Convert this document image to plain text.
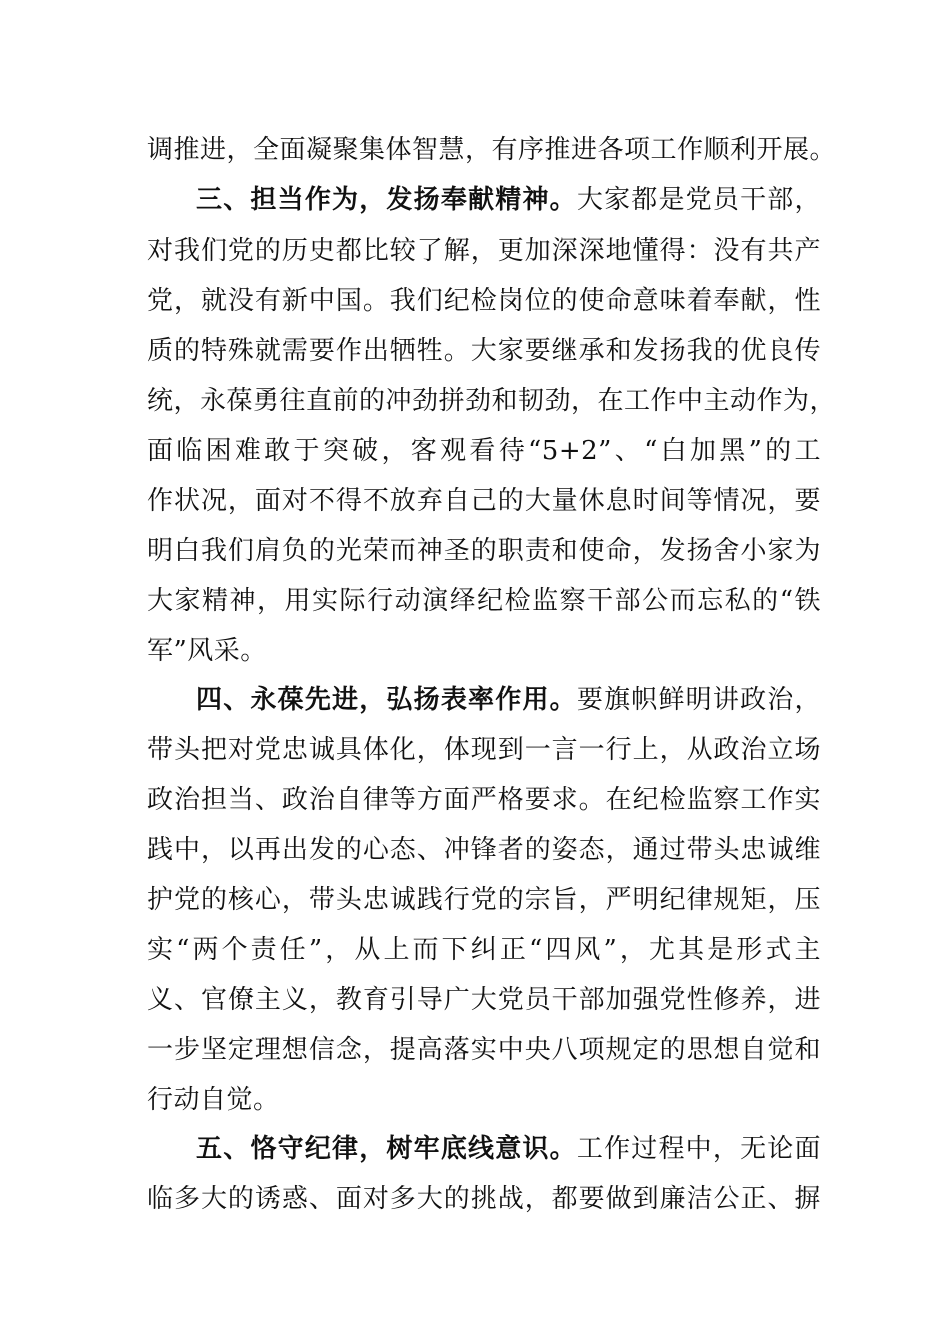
调推进，全面凝聚集体智慧，有序推进各项工作顺利开展。
三、担当作为，发扬奉献精神。大家都是党员干部，
对我们党的历史都比较了解，更加深深地懂得：没有共产
党，就没有新中国。我们纪检岗位的使命意味着奉献，性
质的特殊就需要作出牺牲。大家要继承和发扬我的优良传
统，永葆勇往直前的冲劲拼劲和韧劲，在工作中主动作为，
面临困难敢于突破，客观看待“5+2”、“白加黑”的工
作状况，面对不得不放弃自己的大量休息时间等情况，要
明白我们肩负的光荣而神圣的职责和使命，发扬舍小家为
大家精神，用实际行动演绎纪检监察干部公而忘私的“铁
军”风采。
四、永葆先进，弘扬表率作用。要旗帜鲜明讲政治，
带头把对党忠诚具体化，体现到一言一行上，从政治立场
政治担当、政治自律等方面严格要求。在纪检监察工作实
践中，以再出发的心态、冲锋者的姿态，通过带头忠诚维
护党的核心，带头忠诚践行党的宗旨，严明纪律规矩，压
实“两个责任”，从上而下纠正“四风”，尤其是形式主
义、官僚主义，教育引导广大党员干部加强党性修养，进
一步坚定理想信念，提高落实中央八项规定的思想自觉和
行动自觉。
五、恪守纪律，树牢底线意识。工作过程中，无论面
临多大的诱惑、面对多大的挑战，都要做到廉洁公正、摒
